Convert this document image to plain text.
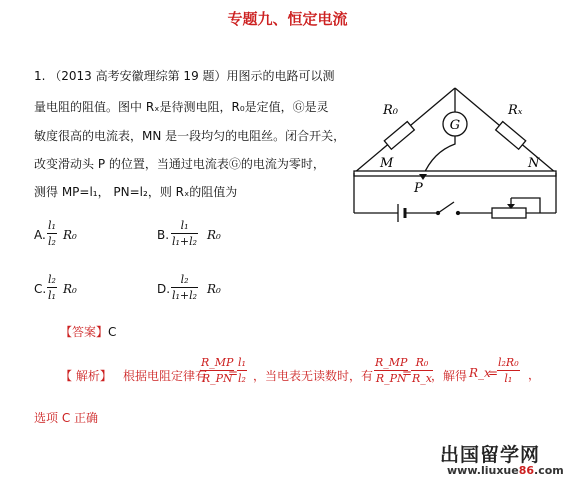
专题九、恒定电流
1. （2013 高考安徽理综第 19 题）用图示的电路可以测
量电阻的阻值。图中 Rₓ是待测电阻，R₀是定值，Ⓖ是灵
敏度很高的电流表，MN 是一段均匀的电阻丝。闭合开关，
改变滑动头 P 的位置，当通过电流表Ⓖ的电流为零时，
测得 MP=l₁， PN=l₂，则 Rₓ的阻值为
A.
l₁
l₂ R₀	B.
l₁
l₁+l₂ R₀
C.
l₂
l₁ R₀	D.
l₂
l₁+l₂ R₀
【答案】C
【 解析】 根据电阻定律有
R_MP
R_PN
=
l₁
l₂ ，当电表无读数时，有
R_MP
R_PN
=
R₀
R_x ，解得 R_x
=
l₂R₀
l₁	，
选项 C 正确
G
R₀	Rₓ
M	N
P
出国留学网
www.liuxue86.com
